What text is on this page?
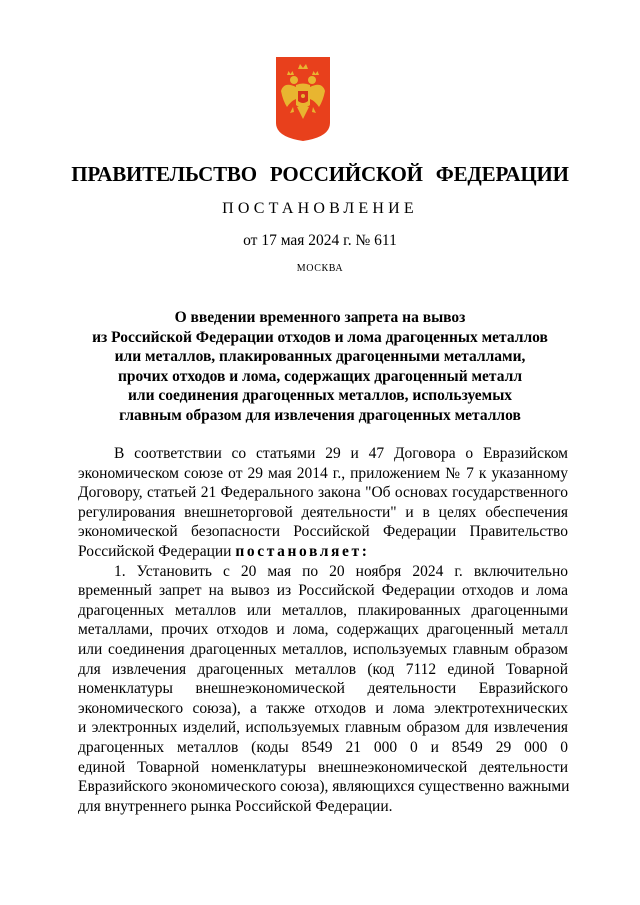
ПРАВИТЕЛЬСТВО РОССИЙСКОЙ ФЕДЕРАЦИИ
ПОСТАНОВЛЕНИЕ
от 17 мая 2024 г. № 611
МОСКВА
О введении временного запрета на вывоз
из Российской Федерации отходов и лома драгоценных металлов
или металлов, плакированных драгоценными металлами,
прочих отходов и лома, содержащих драгоценный металл
или соединения драгоценных металлов, используемых
главным образом для извлечения драгоценных металлов
В соответствии со статьями 29 и 47 Договора о Евразийском
экономическом союзе от 29 мая 2014 г., приложением № 7 к указанному
Договору, статьей 21 Федерального закона "Об основах государственного
регулирования внешнеторговой деятельности" и в целях обеспечения
экономической безопасности Российской Федерации Правительство
Российской Федерации постановляет:
1. Установить с 20 мая по 20 ноября 2024 г. включительно
временный запрет на вывоз из Российской Федерации отходов и лома
драгоценных металлов или металлов, плакированных драгоценными
металлами, прочих отходов и лома, содержащих драгоценный металл
или соединения драгоценных металлов, используемых главным образом
для извлечения драгоценных металлов (код 7112 единой Товарной
номенклатуры внешнеэкономической деятельности Евразийского
экономического союза), а также отходов и лома электротехнических
и электронных изделий, используемых главным образом для извлечения
драгоценных металлов (коды 8549 21 000 0 и 8549 29 000 0
единой Товарной номенклатуры внешнеэкономической деятельности
Евразийского экономического союза), являющихся существенно важными
для внутреннего рынка Российской Федерации.
